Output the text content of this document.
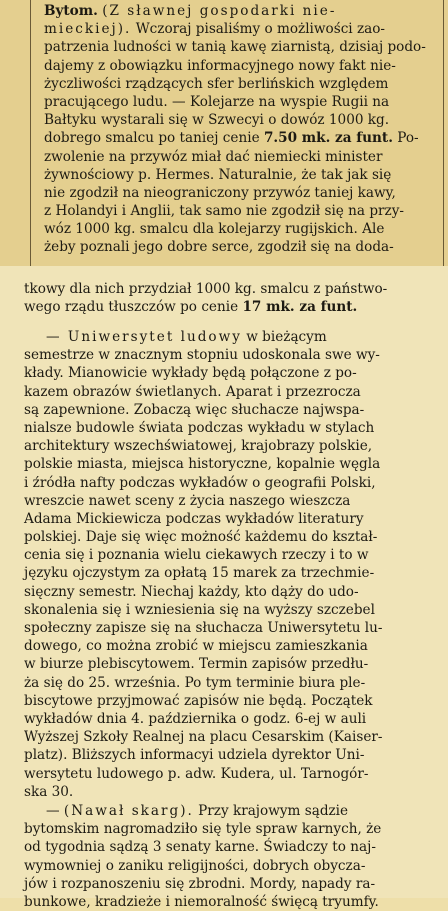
Bytom. (Z sławnej gospodarki nie-
mieckiej). Wczoraj pisaliśmy o możliwości zao-
patrzenia ludności w tanią kawę ziarnistą, dzisiaj podo-
dajemy z obowiązku informacyjnego nowy fakt nie-
życzliwości rządzących sfer berlińskich względem
pracującego ludu. — Kolejarze na wyspie Rugii na
Bałtyku wystarali się w Szwecyi o dowóz 1000 kg.
dobrego smalcu po taniej cenie 7.50 mk. za funt. Po-
zwolenie na przywóz miał dać niemiecki minister
żywnościowy p. Hermes. Naturalnie, że tak jak się
nie zgodził na nieograniczony przywóz taniej kawy,
z Holandyi i Anglii, tak samo nie zgodził się na przy-
wóz 1000 kg. smalcu dla kolejarzy rugijskich. Ale
żeby poznali jego dobre serce, zgodził się na doda-

tkowy dla nich przydział 1000 kg. smalcu z państwo-
wego rządu tłuszczów po cenie 17 mk. za funt.

— Uniwersytet ludowy w bieżącym
semestrze w znacznym stopniu udoskonala swe wy-
kłady. Mianowicie wykłady będą połączone z po-
kazem obrazów świetlanych. Aparat i przezrocza
są zapewnione. Zobaczą więc słuchacze najwspa-
nialsze budowle świata podczas wykładu w stylach
architektury wszechświatowej, krajobrazy polskie,
polskie miasta, miejsca historyczne, kopalnie węgla
i źródła nafty podczas wykładów o geografii Polski,
wreszcie nawet sceny z życia naszego wieszcza
Adama Mickiewicza podczas wykładów literatury
polskiej. Daje się więc możność każdemu do kształ-
cenia się i poznania wielu ciekawych rzeczy i to w
języku ojczystym za opłatą 15 marek za trzechmie-
sięczny semestr. Niechaj każdy, kto dąży do udo-
skonalenia się i wzniesienia się na wyższy szczebel
społeczny zapisze się na słuchacza Uniwersytetu lu-
dowego, co można zrobić w miejscu zamieszkania
w biurze plebiscytowem. Termin zapisów przedłu-
ża się do 25. września. Po tym terminie biura ple-
biscytowe przyjmować zapisów nie będą. Początek
wykładów dnia 4. października o godz. 6-ej w auli
Wyższej Szkoły Realnej na placu Cesarskim (Kaiser-
platz). Bliższych informacyi udziela dyrektor Uni-
wersytetu ludowego p. adw. Kudera, ul. Tarnogór-
ska 30.

— (Nawał skarg). Przy krajowym sądzie
bytomskim nagromadziło się tyle spraw karnych, że
od tygodnia sądzą 3 senaty karne. Świadczy to naj-
wymowniej o zaniku religijności, dobrych obycza-
jów i rozpanoszeniu się zbrodni. Mordy, napady ra-
bunkowe, kradzieże i niemoralność święcą tryumfy.
